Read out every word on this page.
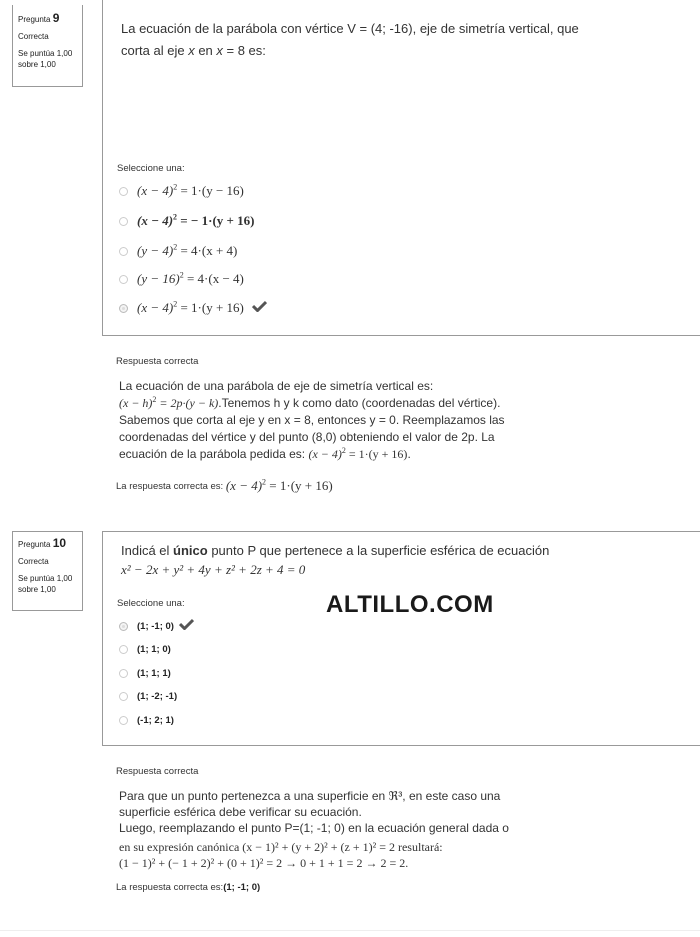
Pregunta 9
Correcta
Se puntúa 1,00 sobre 1,00
La ecuación de la parábola con vértice V = (4; -16), eje de simetría vertical, que
corta al eje x en x = 8 es:
Seleccione una:
$(x - 4)^2 = 1\cdot(y - 16)$
$(x - 4)^2$ = − 1·(y + 16)
$(y - 4)^2 = 4\cdot(x + 4)$
$(y - 16)^2 = 4\cdot(x - 4)$
$(x - 4)^2 = 1\cdot(y + 16)$
Respuesta correcta
La ecuación de una parábola de eje de simetría vertical es:
$(x - h)^2 = 2p\cdot(y$ − k).Tenemos h y k como dato (coordenadas del vértice).
Sabemos que corta al eje y en x = 8, entonces y = 0. Reemplazamos las
coordenadas del vértice y del punto (8,0) obteniendo el valor de 2p. La
ecuación de la parábola pedida es: $(x - 4)^2 = 1\cdot(y + 16)$.
La respuesta correcta es:
$(x - 4)^2 = 1\cdot(y + 16)$
Pregunta 10
Correcta
Se puntúa 1,00 sobre 1,00
Indicá el único punto P que pertenece a la superficie esférica de ecuación
x² − 2x + y² + 4y + z² + 2z + 4 = 0
Seleccione una:
(1; -1; 0)
(1; 1; 0)
(1; 1; 1)
(1; -2; -1)
(-1; 2; 1)
ALTILLO.COM
Respuesta correcta
Para que un punto pertenezca a una superficie en ℜ³, en este caso una
superficie esférica debe verificar su ecuación.
Luego, reemplazando el punto P=(1; -1; 0) en la ecuación general dada o
en su expresión canónica (x − 1)² + (y + 2)² + (z + 1)² = 2 resultará:
(1 − 1)² + (− 1 + 2)² + (0 + 1)² = 2 → 0 + 1 + 1 = 2 → 2 = 2.
La respuesta correcta es: (1; -1; 0)
